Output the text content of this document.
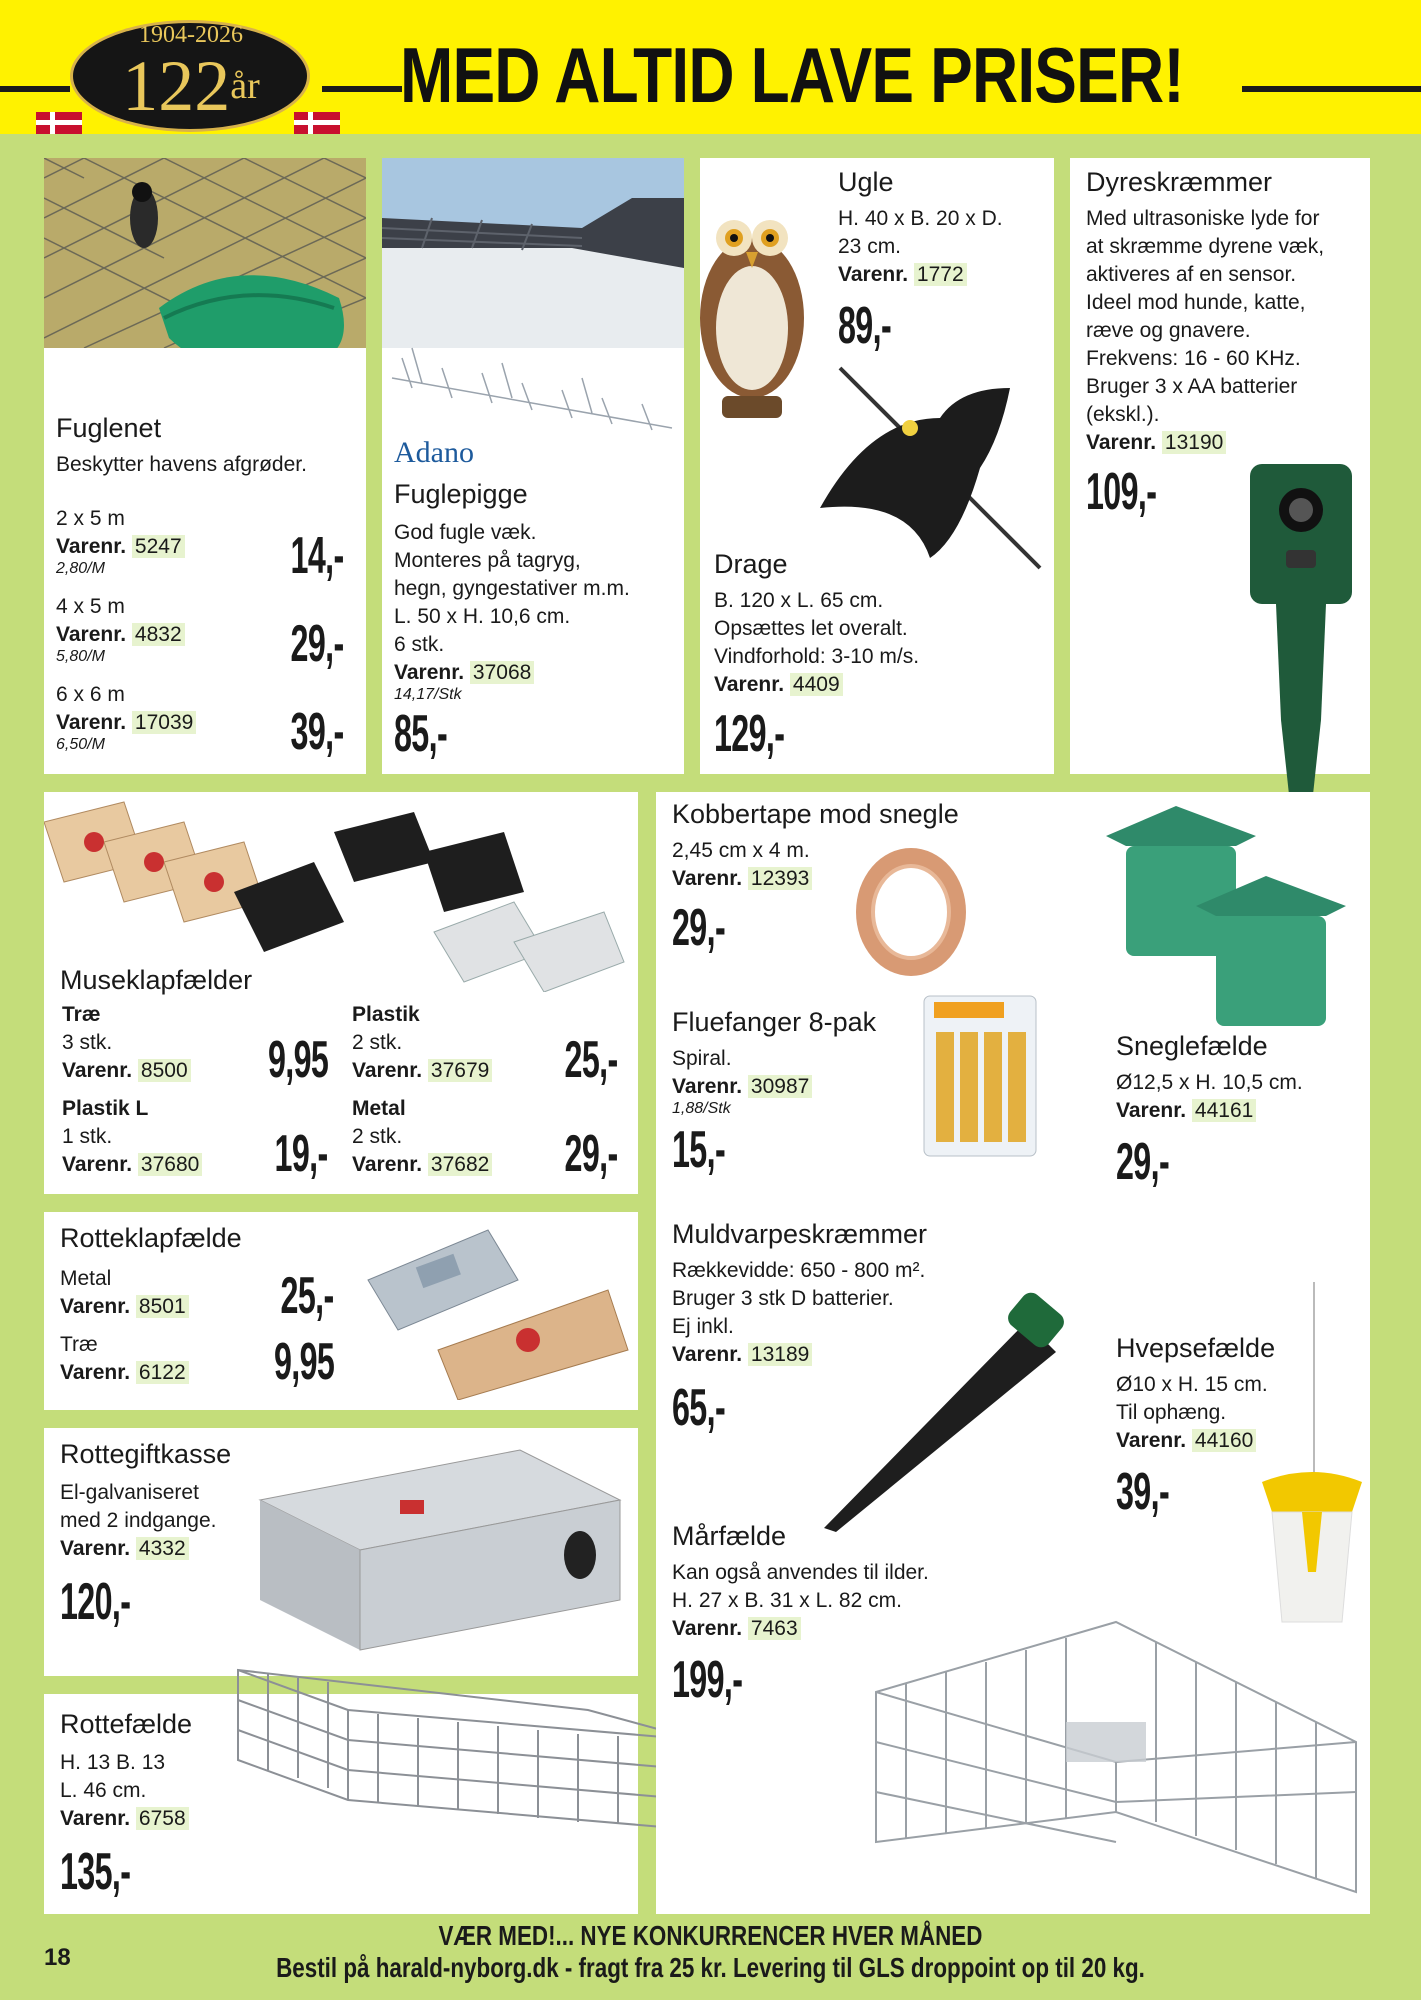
1904-2026
$122^{år}$	MED ALTID LAVE PRISER!
Fuglenet
Beskytter havens afgrøder.
2 x 5 m
Varenr. 5247
2,80/M	14,-
4 x 5 m
Varenr. 4832
5,80/M	29,-
6 x 6 m
Varenr. 17039
6,50/M	39,-
Adano
Fuglepigge
God fugle væk.
Monteres på tagryg,
hegn, gyngestativer m.m.
L. 50 x H. 10,6 cm.
6 stk.
Varenr. 37068
14,17/Stk
85,-
Ugle
H. 40 x B. 20 x D.
23 cm.
Varenr. 1772
89,-
Drage
B. 120 x L. 65 cm.
Opsættes let overalt.
Vindforhold: 3-10 m/s.
Varenr. 4409
129,-
Dyreskræmmer
Med ultrasoniske lyde for
at skræmme dyrene væk,
aktiveres af en sensor.
Ideel mod hunde, katte,
ræve og gnavere.
Frekvens: 16 - 60 KHz.
Bruger 3 x AA batterier
(ekskl.).
Varenr. 13190
109,-
Museklapfælder
Træ
3 stk.
Varenr. 8500 9,95
Plastik
2 stk.
Varenr. 37679 25,-
Plastik L
1 stk.
Varenr. 37680 19,-
Metal
2 stk.
Varenr. 37682 29,-
Rotteklapfælde
Metal
Varenr. 8501 25,-
Træ
Varenr. 6122 9,95
Rottegiftkasse
El-galvaniseret
med 2 indgange.
Varenr. 4332
120,-
Rottefælde
H. 13 B. 13
L. 46 cm.
Varenr. 6758
135,-
Kobbertape mod snegle
2,45 cm x 4 m.
Varenr. 12393
29,-
Sneglefælde
Ø12,5 x H. 10,5 cm.
Varenr. 44161
29,-
Fluefanger 8-pak
Spiral.
Varenr. 30987
1,88/Stk
15,-
Muldvarpeskræmmer
Rækkevidde: 650 - 800 m².
Bruger 3 stk D batterier.
Ej inkl.
Varenr. 13189
65,-
Hvepsefælde
Ø10 x H. 15 cm.
Til ophæng.
Varenr. 44160
39,-
Mårfælde
Kan også anvendes til ilder.
H. 27 x B. 31 x L. 82 cm.
Varenr. 7463
199,-
18
VÆR MED!... NYE KONKURRENCER HVER MÅNED
Bestil på harald-nyborg.dk - fragt fra 25 kr. Levering til GLS droppoint op til 20 kg.
